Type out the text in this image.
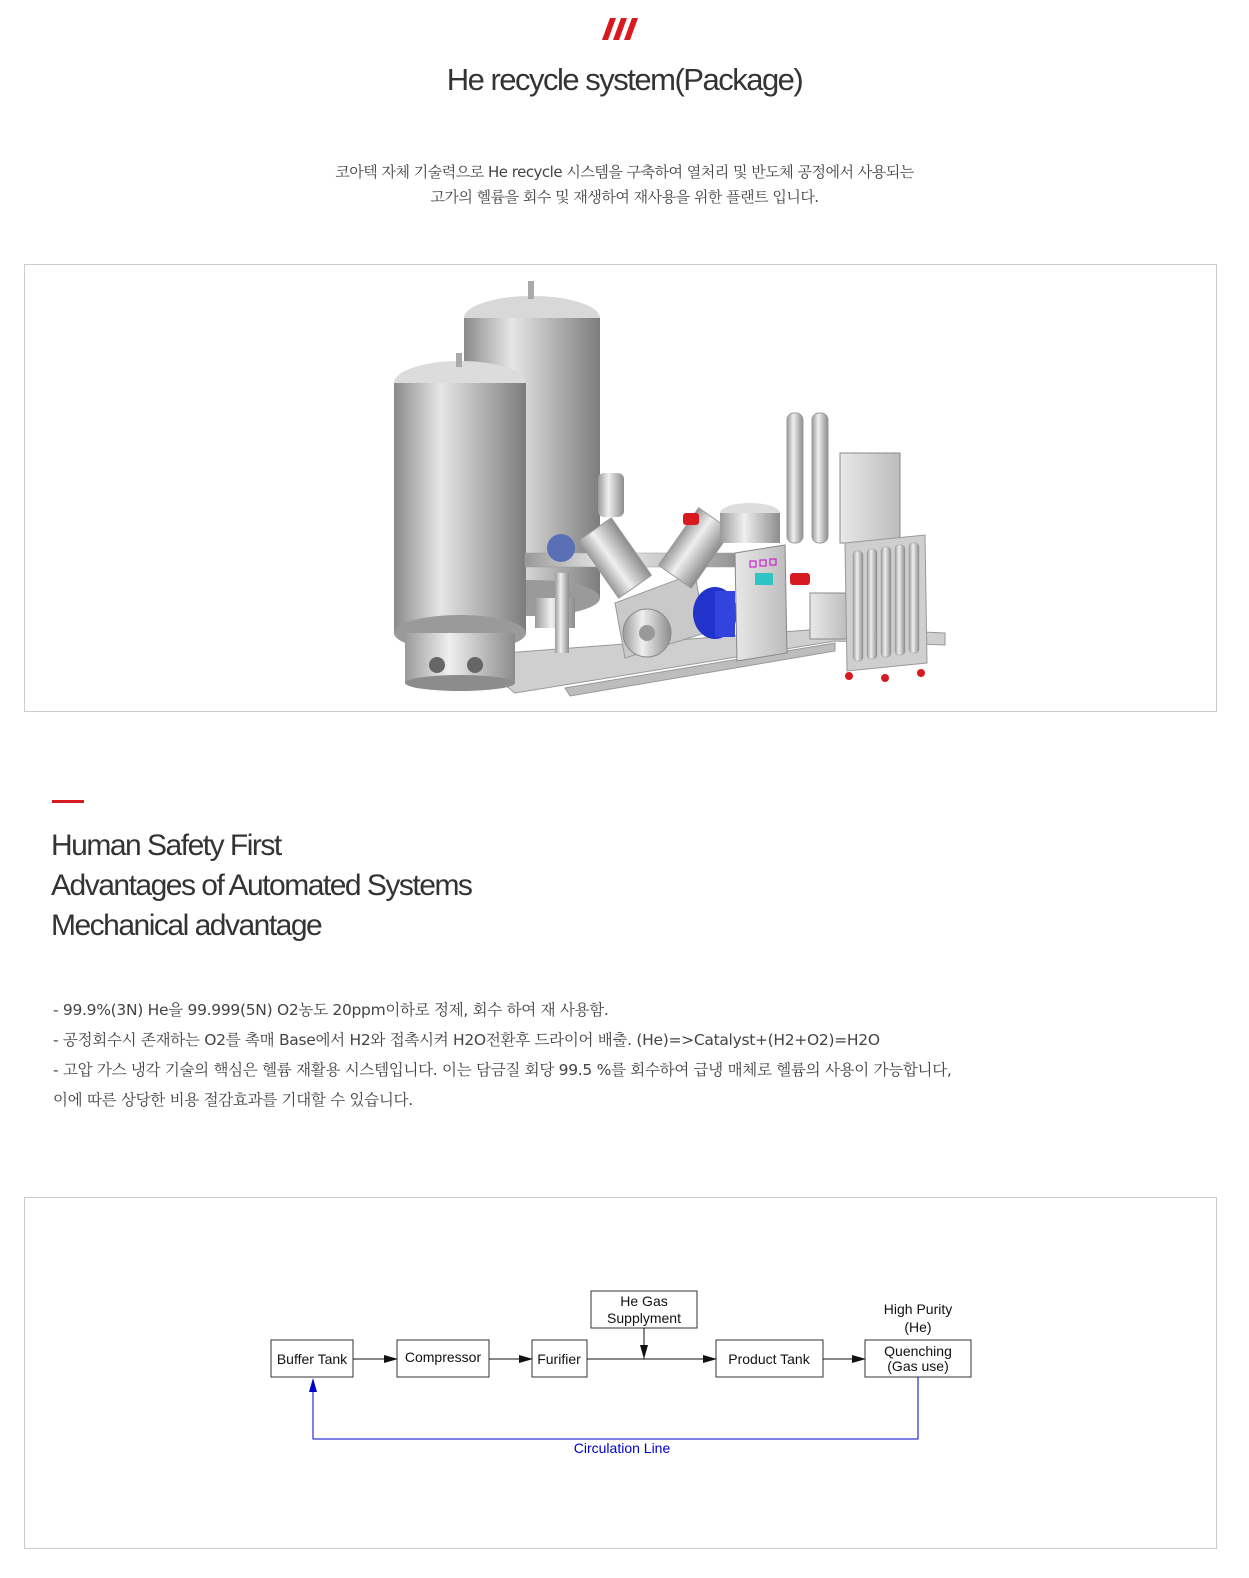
He recycle system(Package)
코아텍 자체 기술력으로 He recycle 시스템을 구축하여 열처리 및 반도체 공정에서 사용되는
고가의 헬륨을 회수 및 재생하여 재사용을 위한 플랜트 입니다.
Human Safety First
Advantages of Automated Systems
Mechanical advantage
- 99.9%(3N) He을 99.999(5N) O2농도 20ppm이하로 정제, 회수 하여 재 사용함.
- 공정회수시 존재하는 O2를 촉매 Base에서 H2와 접촉시켜 H2O전환후 드라이어 배출. (He)=>Catalyst+(H2+O2)=H2O
- 고압 가스 냉각 기술의 핵심은 헬륨 재활용 시스템입니다. 이는 담금질 회당 99.5 %를 회수하여 급냉 매체로 헬륨의 사용이 가능합니다,
이에 따른 상당한 비용 절감효과를 기대할 수 있습니다.
Buffer Tank	Compressor	Furifier
He Gas
Supplyment
Product Tank	Quenching
(Gas use)
High Purity
(He)
Circulation Line
